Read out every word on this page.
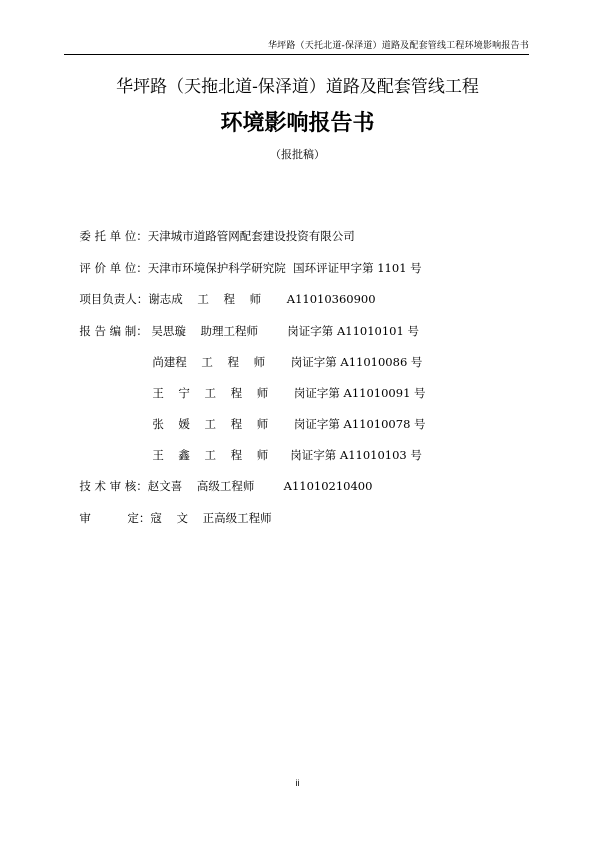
华坪路（天托北道-保泽道）道路及配套管线工程环境影响报告书
华坪路（天拖北道-保泽道）道路及配套管线工程
环境影响报告书
（报批稿）

委 托 单 位：天津城市道路管网配套建设投资有限公司

评 价 单 位：天津市环境保护科学研究院  国环评证甲字第 1101 号

项目负责人：谢志成    工    程    师       A11010360900

报 告 编 制： 吴思璇    助理工程师        岗证字第 A11010101 号

尚建程    工    程    师       岗证字第 A11010086 号

王    宁    工    程    师       岗证字第 A11010091 号

张    媛    工    程    师       岗证字第 A11010078 号

王    鑫    工    程    师      岗证字第 A11010103 号

技 术 审 核：赵文喜    高级工程师        A11010210400

审          定：寇    文    正高级工程师

ii
